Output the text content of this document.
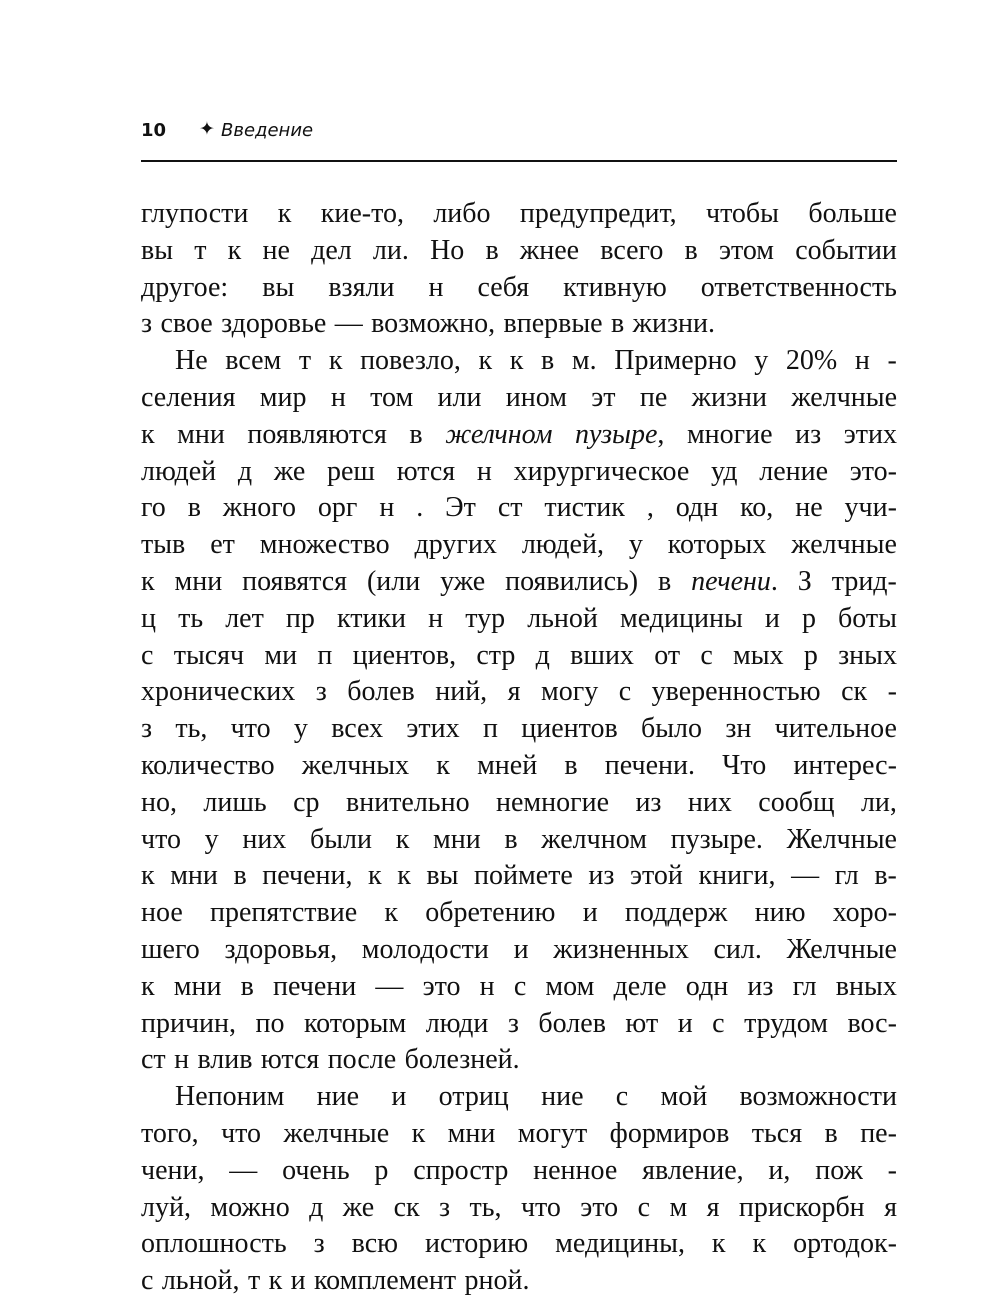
10 ✦ Введение
глупости к кие-то, либо предупредит, чтобы больше
вы т к не дел ли. Но в жнее всего в этом событии
другое: вы взяли н себя ктивную ответственность
з свое здоровье — возможно, впервые в жизни.
Не всем т к повезло, к к в м. Примерно у 20% н -
селения мир н том или ином эт пе жизни желчные
к мни появляются в желчном пузыре, многие из этих
людей д же реш ются н хирургическое уд ление это-
го в жного орг н . Эт ст тистик , одн ко, не учи-
тыв ет множество других людей, у которых желчные
к мни появятся (или уже появились) в печени. З трид-
ц ть лет пр ктики н тур льной медицины и р боты
с тысяч ми п циентов, стр д вших от с мых р зных
хронических з болев ний, я могу с уверенностью ск -
з ть, что у всех этих п циентов было зн чительное
количество желчных к мней в печени. Что интерес-
но, лишь ср внительно немногие из них сообщ ли,
что у них были к мни в желчном пузыре. Желчные
к мни в печени, к к вы поймете из этой книги, — гл в-
ное препятствие к обретению и поддерж нию хоро-
шего здоровья, молодости и жизненных сил. Желчные
к мни в печени — это н с мом деле одн из гл вных
причин, по которым люди з болев ют и с трудом вос-
ст н влив ются после болезней.
Непоним ние и отриц ние с мой возможности
того, что желчные к мни могут формиров ться в пе-
чени, — очень р спростр ненное явление, и, пож -
луй, можно д же ск з ть, что это с м я прискорбн я
оплошность з всю историю медицины, к к ортодок-
с льной, т к и комплемент рной.
